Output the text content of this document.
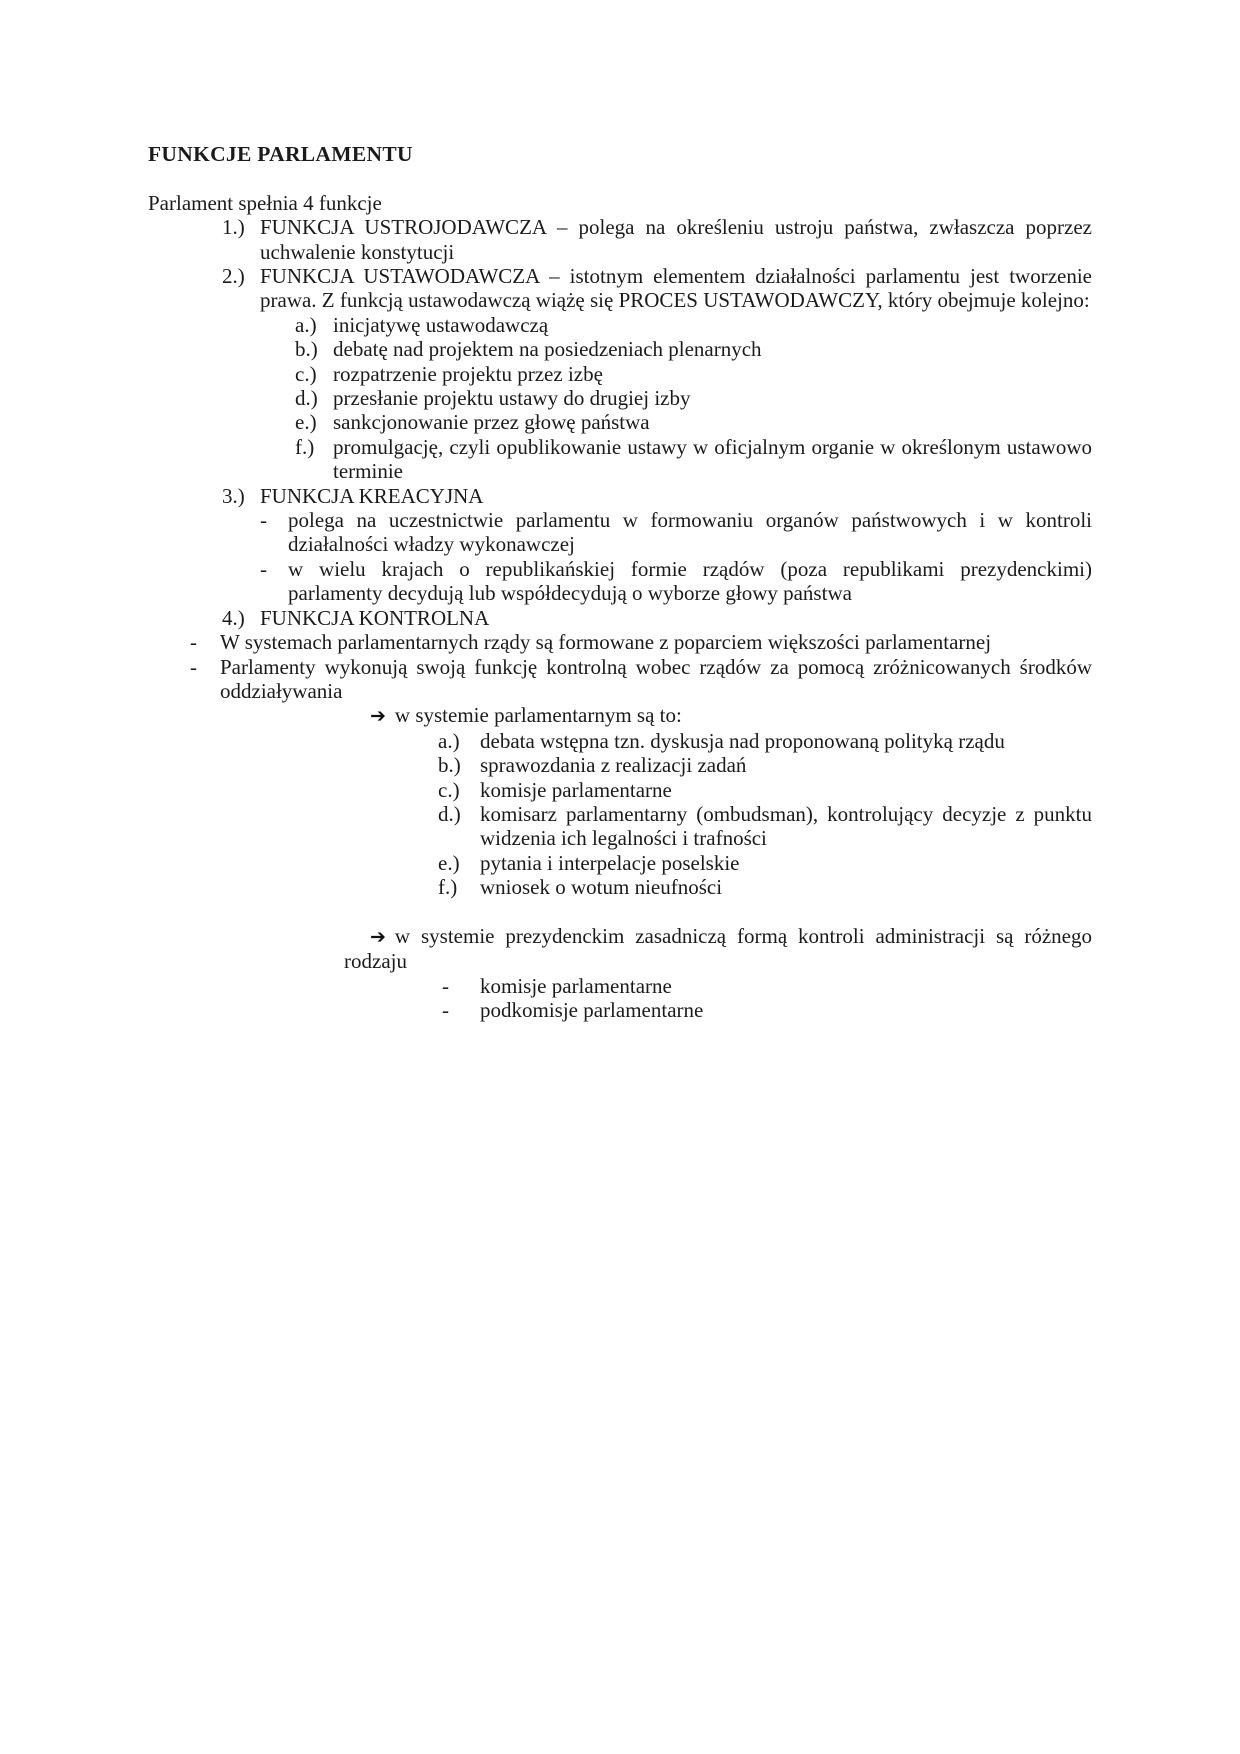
FUNKCJE PARLAMENTU

Parlament spełnia 4 funkcje

1.) FUNKCJA USTROJODAWCZA – polega na określeniu ustroju państwa, zwłaszcza poprzez uchwalenie konstytucji
2.) FUNKCJA USTAWODAWCZA – istotnym elementem działalności parlamentu jest tworzenie prawa. Z funkcją ustawodawczą wiążę się PROCES USTAWODAWCZY, który obejmuje kolejno:
a.) inicjatywę ustawodawczą
b.) debatę nad projektem na posiedzeniach plenarnych
c.) rozpatrzenie projektu przez izbę
d.) przesłanie projektu ustawy do drugiej izby
e.) sankcjonowanie przez głowę państwa
f.) promulgację, czyli opublikowanie ustawy w oficjalnym organie w określonym ustawowo terminie
3.) FUNKCJA KREACYJNA
-	polega na uczestnictwie parlamentu w formowaniu organów państwowych i w kontroli działalności władzy wykonawczej
-	w wielu krajach o republikańskiej formie rządów (poza republikami prezydenckimi) parlamenty decydują lub współdecydują o wyborze głowy państwa
4.) FUNKCJA KONTROLNA
-	W systemach parlamentarnych rządy są formowane z poparciem większości parlamentarnej
-	Parlamenty wykonują swoją funkcję kontrolną wobec rządów za pomocą zróżnicowanych środków oddziaływania

➔ w systemie parlamentarnym są to:

a.) debata wstępna tzn. dyskusja nad proponowaną polityką rządu
b.) sprawozdania z realizacji zadań
c.) komisje parlamentarne
d.) komisarz parlamentarny (ombudsman), kontrolujący decyzje z punktu widzenia ich legalności i trafności
e.) pytania i interpelacje poselskie
f.)	wniosek o wotum nieufności

➔ w systemie prezydenckim zasadniczą formą kontroli administracji są różnego rodzaju

-	komisje parlamentarne
-	podkomisje parlamentarne
